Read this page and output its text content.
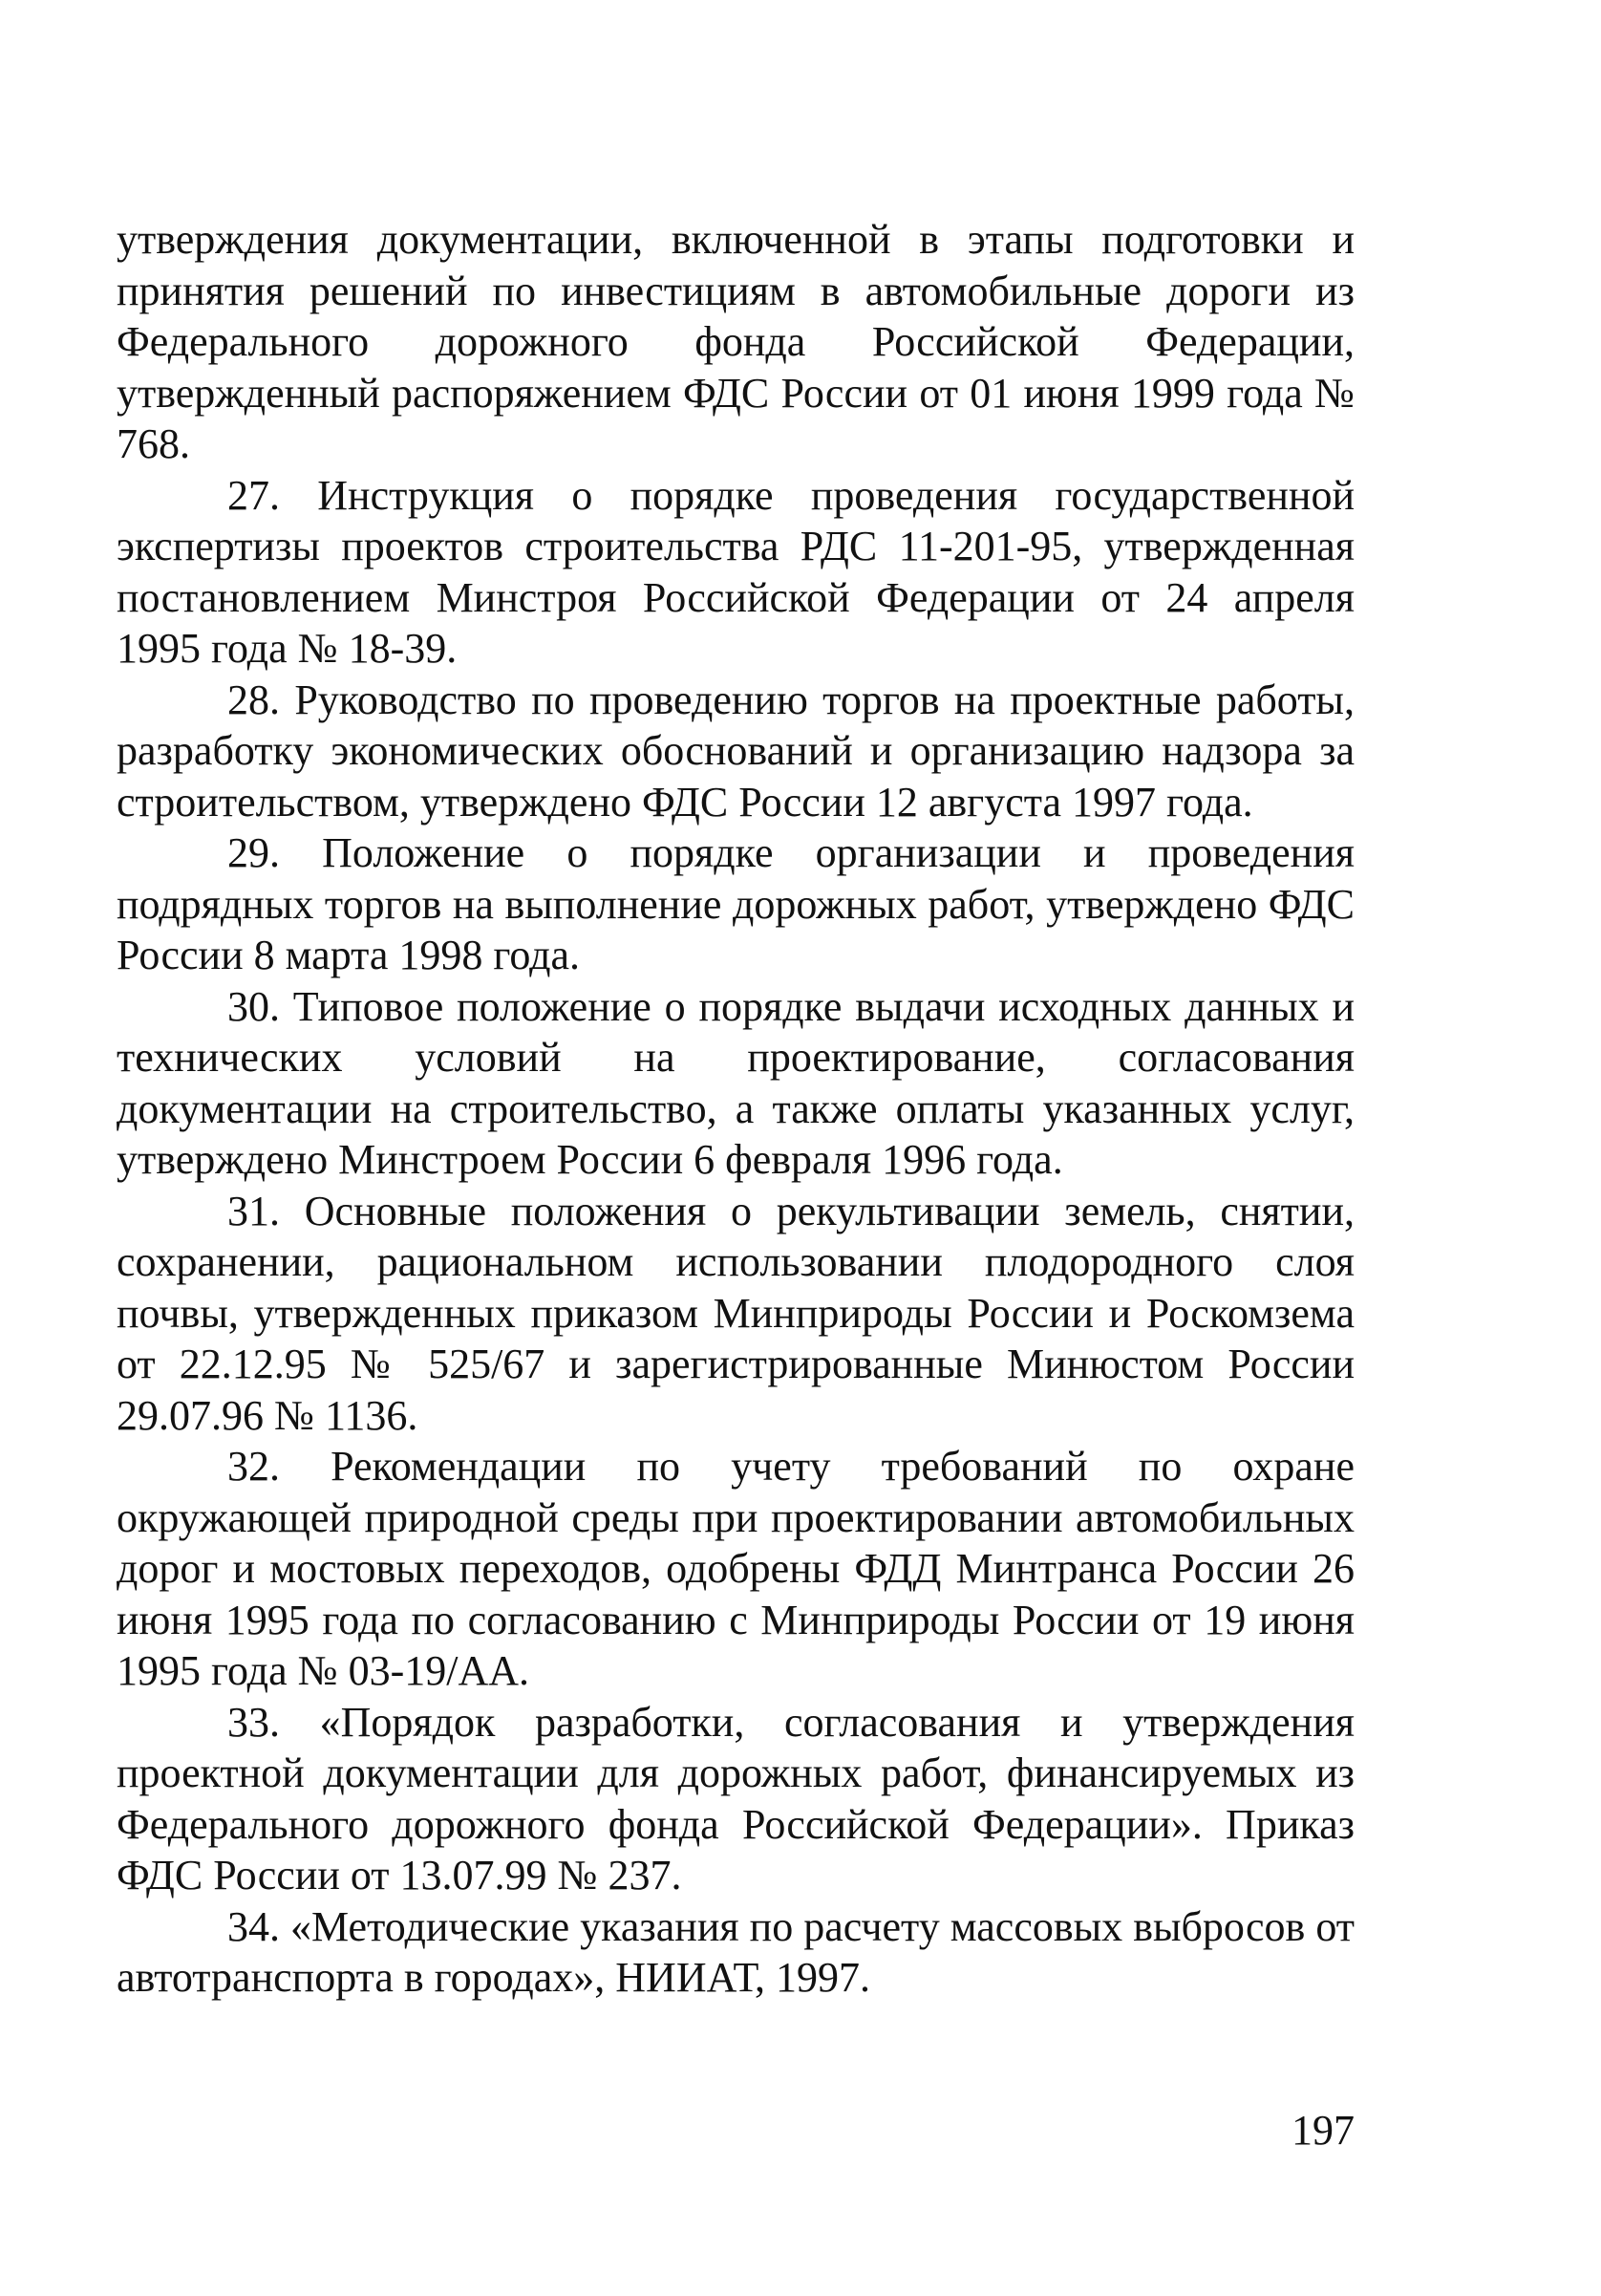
утверждения документации, включенной в этапы подготовки и принятия решений по инвестициям в автомобильные дороги из Федерального дорожного фонда Российской Федерации, утвержденный распоряжением ФДС России от 01 июня 1999 года № 768.

27. Инструкция о порядке проведения государственной экспертизы проектов строительства РДС 11-201-95, утвержденная постановлением Минстроя Российской Федерации от 24 апреля 1995 года № 18-39.

28. Руководство по проведению торгов на проектные работы, разработку экономических обоснований и организацию надзора за строительством, утверждено ФДС России 12 августа 1997 года.

29. Положение о порядке организации и проведения подрядных торгов на выполнение дорожных работ, утверждено ФДС России 8 марта 1998 года.

30. Типовое положение о порядке выдачи исходных данных и технических условий на проектирование, согласования документации на строительство, а также оплаты указанных услуг, утверждено Минстроем России 6 февраля 1996 года.

31. Основные положения о рекультивации земель, снятии, сохранении, рациональном использовании плодородного слоя почвы, утвержденных приказом Минприроды России и Роскомзема от 22.12.95 № 525/67 и зарегистрированные Минюстом России 29.07.96 № 1136.

32. Рекомендации по учету требований по охране окружающей природной среды при проектировании автомобильных дорог и мостовых переходов, одобрены ФДД Минтранса России 26 июня 1995 года по согласованию с Минприроды России от 19 июня 1995 года № 03-19/АА.

33. «Порядок разработки, согласования и утверждения проектной документации для дорожных работ, финансируемых из Федерального дорожного фонда Российской Федерации». Приказ ФДС России от 13.07.99 № 237.

34. «Методические указания по расчету массовых выбросов от автотранспорта в городах», НИИАТ, 1997.

197
